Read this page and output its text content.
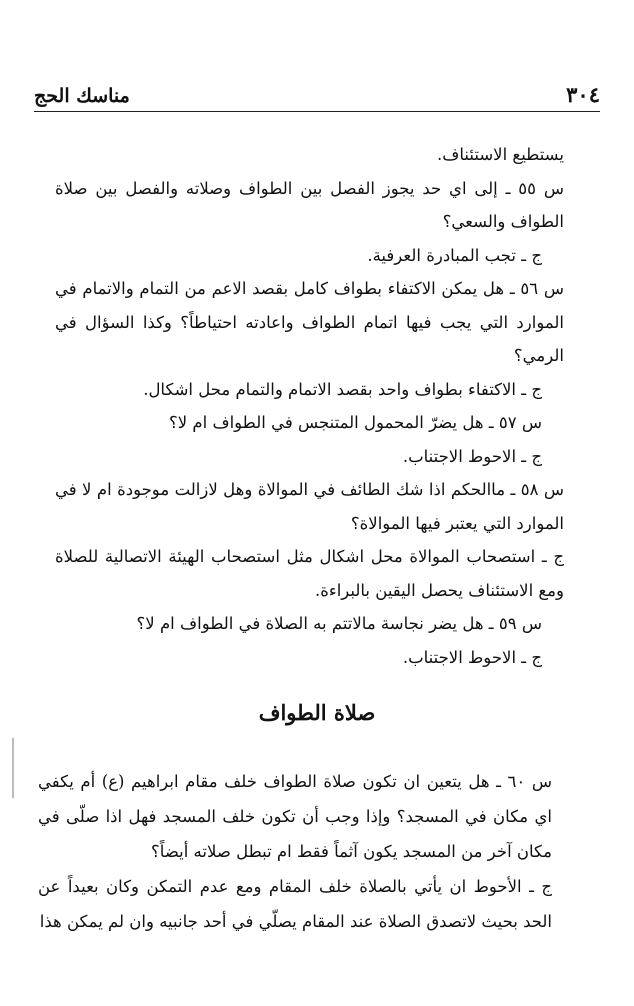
٣٠٤
مناسك الحج

يستطيع الاستئناف.

س ٥٥ ـ إلى اي حد يجوز الفصل بين الطواف وصلاته والفصل بين صلاة الطواف والسعي؟

ج ـ تجب المبادرة العرفية.

س ٥٦ ـ هل يمكن الاكتفاء بطواف كامل بقصد الاعم من التمام والاتمام في الموارد التي يجب فيها اتمام الطواف واعادته احتياطاً؟ وكذا السؤال في الرمي؟

ج ـ الاكتفاء بطواف واحد بقصد الاتمام والتمام محل اشكال.

س ٥٧ ـ هل يضرّ المحمول المتنجس في الطواف ام لا؟

ج ـ الاحوط الاجتناب.

س ٥٨ ـ ماالحكم اذا شك الطائف في الموالاة وهل لازالت موجودة ام لا في الموارد التي يعتبر فيها الموالاة؟

ج ـ استصحاب الموالاة محل اشكال مثل استصحاب الهيئة الاتصالية للصلاة ومع الاستئناف يحصل اليقين بالبراءة.

س ٥٩ ـ هل يضر نجاسة مالاتتم به الصلاة في الطواف ام لا؟

ج ـ الاحوط الاجتناب.

صلاة الطواف

س ٦٠ ـ هل يتعين ان تكون صلاة الطواف خلف مقام ابراهيم (ع) أم يكفي اي مكان في المسجد؟ وإذا وجب أن تكون خلف المسجد فهل اذا صلّى في مكان آخر من المسجد يكون آثماً فقط ام تبطل صلاته أيضاً؟

ج ـ الأحوط ان يأتي بالصلاة خلف المقام ومع عدم التمكن وكان بعيداً عن الحد بحيث لاتصدق الصلاة عند المقام يصلّي في أحد جانبيه وان لم يمكن هذا
